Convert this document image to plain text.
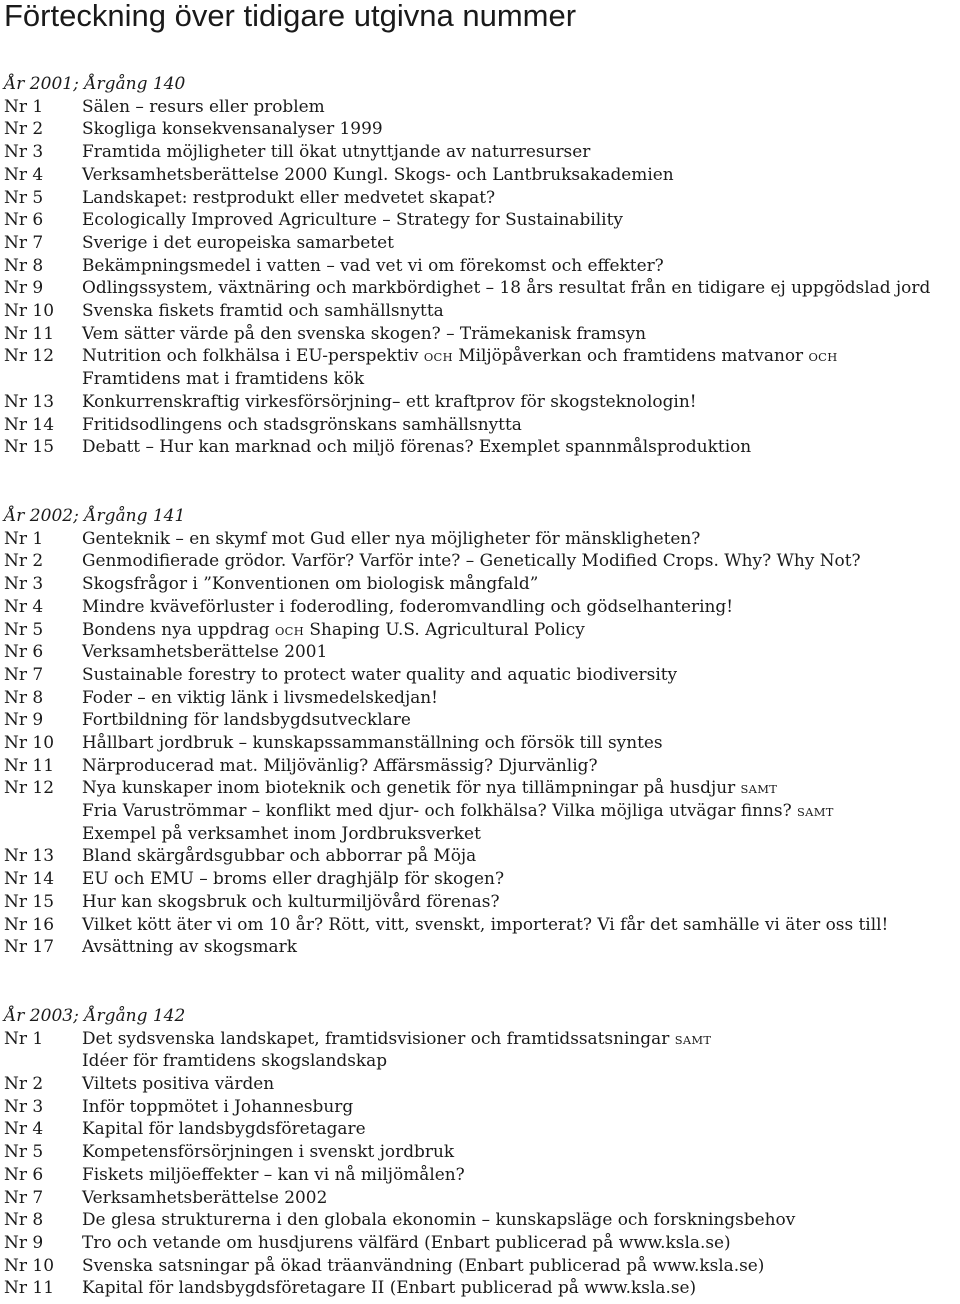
Förteckning över tidigare utgivna nummer
År 2001; Årgång 140
Nr 1	Sälen – resurs eller problem
Nr 2	Skogliga konsekvensanalyser 1999
Nr 3	Framtida möjligheter till ökat utnyttjande av naturresurser
Nr 4	Verksamhetsberättelse 2000 Kungl. Skogs- och Lantbruksakademien
Nr 5	Landskapet: restprodukt eller medvetet skapat?
Nr 6	Ecologically Improved Agriculture – Strategy for Sustainability
Nr 7	Sverige i det europeiska samarbetet
Nr 8	Bekämpningsmedel i vatten – vad vet vi om förekomst och effekter?
Nr 9	Odlingssystem, växtnäring och markbördighet – 18 års resultat från en tidigare ej uppgödslad jord
Nr 10	Svenska fiskets framtid och samhällsnytta
Nr 11	Vem sätter värde på den svenska skogen? – Trämekanisk framsyn
Nr 12	Nutrition och folkhälsa i EU-perspektiv OCH Miljöpåverkan och framtidens matvanor OCH
Framtidens mat i framtidens kök
Nr 13	Konkurrenskraftig virkesförsörjning– ett kraftprov för skogsteknologin!
Nr 14	Fritidsodlingens och stadsgrönskans samhällsnytta
Nr 15	Debatt – Hur kan marknad och miljö förenas? Exemplet spannmålsproduktion
År 2002; Årgång 141
Nr 1	Genteknik – en skymf mot Gud eller nya möjligheter för mänskligheten?
Nr 2	Genmodifierade grödor. Varför? Varför inte? – Genetically Modified Crops. Why? Why Not?
Nr 3	Skogsfrågor i ”Konventionen om biologisk mångfald”
Nr 4	Mindre kväveförluster i foderodling, foderomvandling och gödselhantering!
Nr 5	Bondens nya uppdrag OCH Shaping U.S. Agricultural Policy
Nr 6	Verksamhetsberättelse 2001
Nr 7	Sustainable forestry to protect water quality and aquatic biodiversity
Nr 8	Foder – en viktig länk i livsmedelskedjan!
Nr 9	Fortbildning för landsbygdsutvecklare
Nr 10	Hållbart jordbruk – kunskapssammanställning och försök till syntes
Nr 11	Närproducerad mat. Miljövänlig? Affärsmässig? Djurvänlig?
Nr 12	Nya kunskaper inom bioteknik och genetik för nya tillämpningar på husdjur SAMT
Fria Varuströmmar – konflikt med djur- och folkhälsa? Vilka möjliga utvägar finns? SAMT
Exempel på verksamhet inom Jordbruksverket
Nr 13	Bland skärgårdsgubbar och abborrar på Möja
Nr 14	EU och EMU – broms eller draghjälp för skogen?
Nr 15	Hur kan skogsbruk och kulturmiljövård förenas?
Nr 16	Vilket kött äter vi om 10 år? Rött, vitt, svenskt, importerat? Vi får det samhälle vi äter oss till!
Nr 17	Avsättning av skogsmark
År 2003; Årgång 142
Nr 1	Det sydsvenska landskapet, framtidsvisioner och framtidssatsningar SAMT
Idéer för framtidens skogslandskap
Nr 2	Viltets positiva värden
Nr 3	Inför toppmötet i Johannesburg
Nr 4	Kapital för landsbygdsföretagare
Nr 5	Kompetensförsörjningen i svenskt jordbruk
Nr 6	Fiskets miljöeffekter – kan vi nå miljömålen?
Nr 7	Verksamhetsberättelse 2002
Nr 8	De glesa strukturerna i den globala ekonomin – kunskapsläge och forskningsbehov
Nr 9	Tro och vetande om husdjurens välfärd (Enbart publicerad på www.ksla.se)
Nr 10	Svenska satsningar på ökad träanvändning (Enbart publicerad på www.ksla.se)
Nr 11	Kapital för landsbygdsföretagare II (Enbart publicerad på www.ksla.se)
